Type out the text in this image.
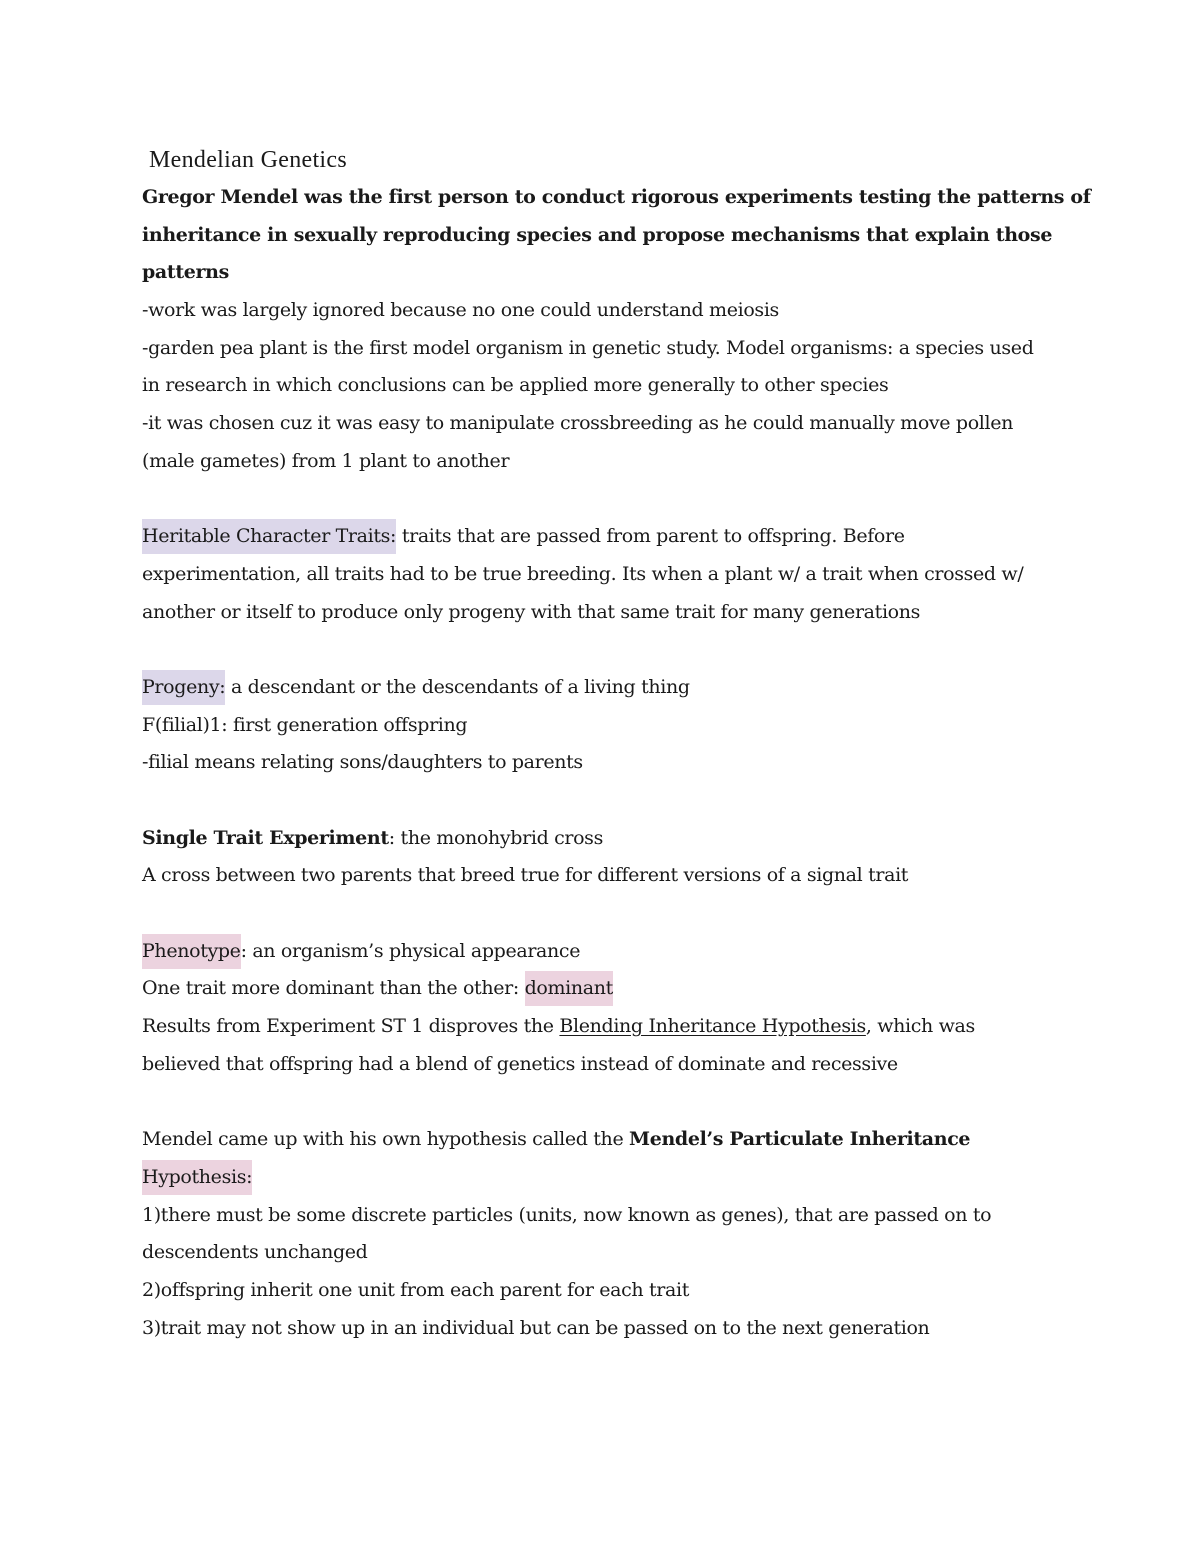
Mendelian Genetics
Gregor Mendel was the first person to conduct rigorous experiments testing the patterns of
inheritance in sexually reproducing species and propose mechanisms that explain those
patterns
-work was largely ignored because no one could understand meiosis
-garden pea plant is the first model organism in genetic study. Model organisms: a species used
in research in which conclusions can be applied more generally to other species
-it was chosen cuz it was easy to manipulate crossbreeding as he could manually move pollen
(male gametes) from 1 plant to another
Heritable Character Traits: traits that are passed from parent to offspring. Before
experimentation, all traits had to be true breeding. Its when a plant w/ a trait when crossed w/
another or itself to produce only progeny with that same trait for many generations
Progeny: a descendant or the descendants of a living thing
F(filial)1: first generation offspring
-filial means relating sons/daughters to parents
Single Trait Experiment: the monohybrid cross
A cross between two parents that breed true for different versions of a signal trait
Phenotype: an organism’s physical appearance
One trait more dominant than the other: dominant
Results from Experiment ST 1 disproves the Blending Inheritance Hypothesis, which was
believed that offspring had a blend of genetics instead of dominate and recessive
Mendel came up with his own hypothesis called the Mendel’s Particulate Inheritance
Hypothesis:
1)there must be some discrete particles (units, now known as genes), that are passed on to
descendents unchanged
2)offspring inherit one unit from each parent for each trait
3)trait may not show up in an individual but can be passed on to the next generation
